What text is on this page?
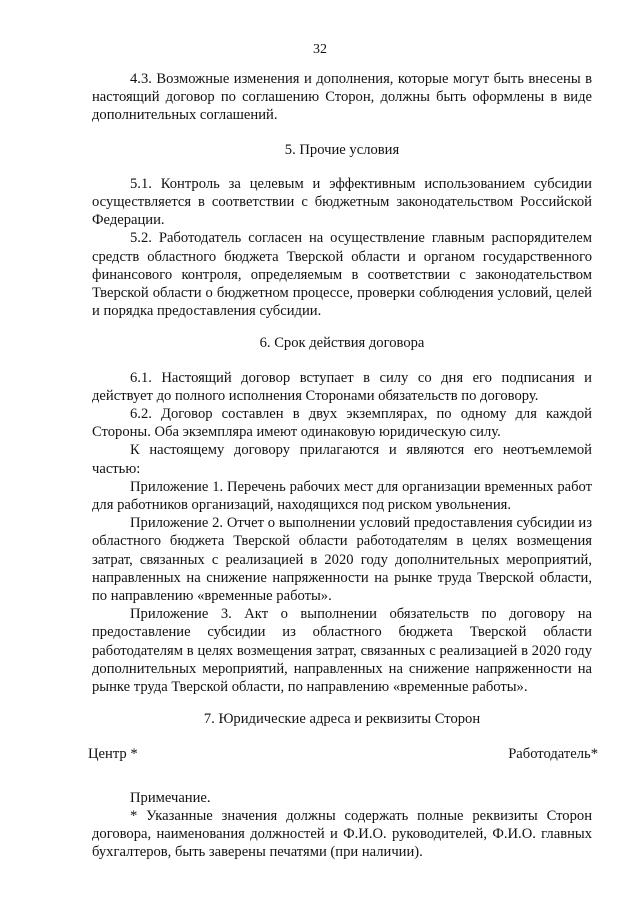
32

4.3. Возможные изменения и дополнения, которые могут быть внесены в настоящий договор по соглашению Сторон, должны быть оформлены в виде дополнительных соглашений.

5. Прочие условия

5.1. Контроль за целевым и эффективным использованием субсидии осуществляется в соответствии с бюджетным законодательством Российской Федерации.

5.2. Работодатель согласен на осуществление главным распорядителем средств областного бюджета Тверской области и органом государственного финансового контроля, определяемым в соответствии с законодательством Тверской области о бюджетном процессе, проверки соблюдения условий, целей и порядка предоставления субсидии.

6. Срок действия договора

6.1. Настоящий договор вступает в силу со дня его подписания и действует до полного исполнения Сторонами обязательств по договору.

6.2. Договор составлен в двух экземплярах, по одному для каждой Стороны. Оба экземпляра имеют одинаковую юридическую силу.

К настоящему договору прилагаются и являются его неотъемлемой частью:

Приложение 1. Перечень рабочих мест для организации временных работ для работников организаций, находящихся под риском увольнения.

Приложение 2. Отчет о выполнении условий предоставления субсидии из областного бюджета Тверской области работодателям в целях возмещения затрат, связанных с реализацией в 2020 году дополнительных мероприятий, направленных на снижение напряженности на рынке труда Тверской области, по направлению «временные работы».

Приложение 3. Акт о выполнении обязательств по договору на предоставление субсидии из областного бюджета Тверской области работодателям в целях возмещения затрат, связанных с реализацией в 2020 году дополнительных мероприятий, направленных на снижение напряженности на рынке труда Тверской области, по направлению «временные работы».

7. Юридические адреса и реквизиты Сторон

Центр *	Работодатель*

Примечание.

* Указанные значения должны содержать полные реквизиты Сторон договора, наименования должностей и Ф.И.О. руководителей, Ф.И.О. главных бухгалтеров, быть заверены печатями (при наличии).
